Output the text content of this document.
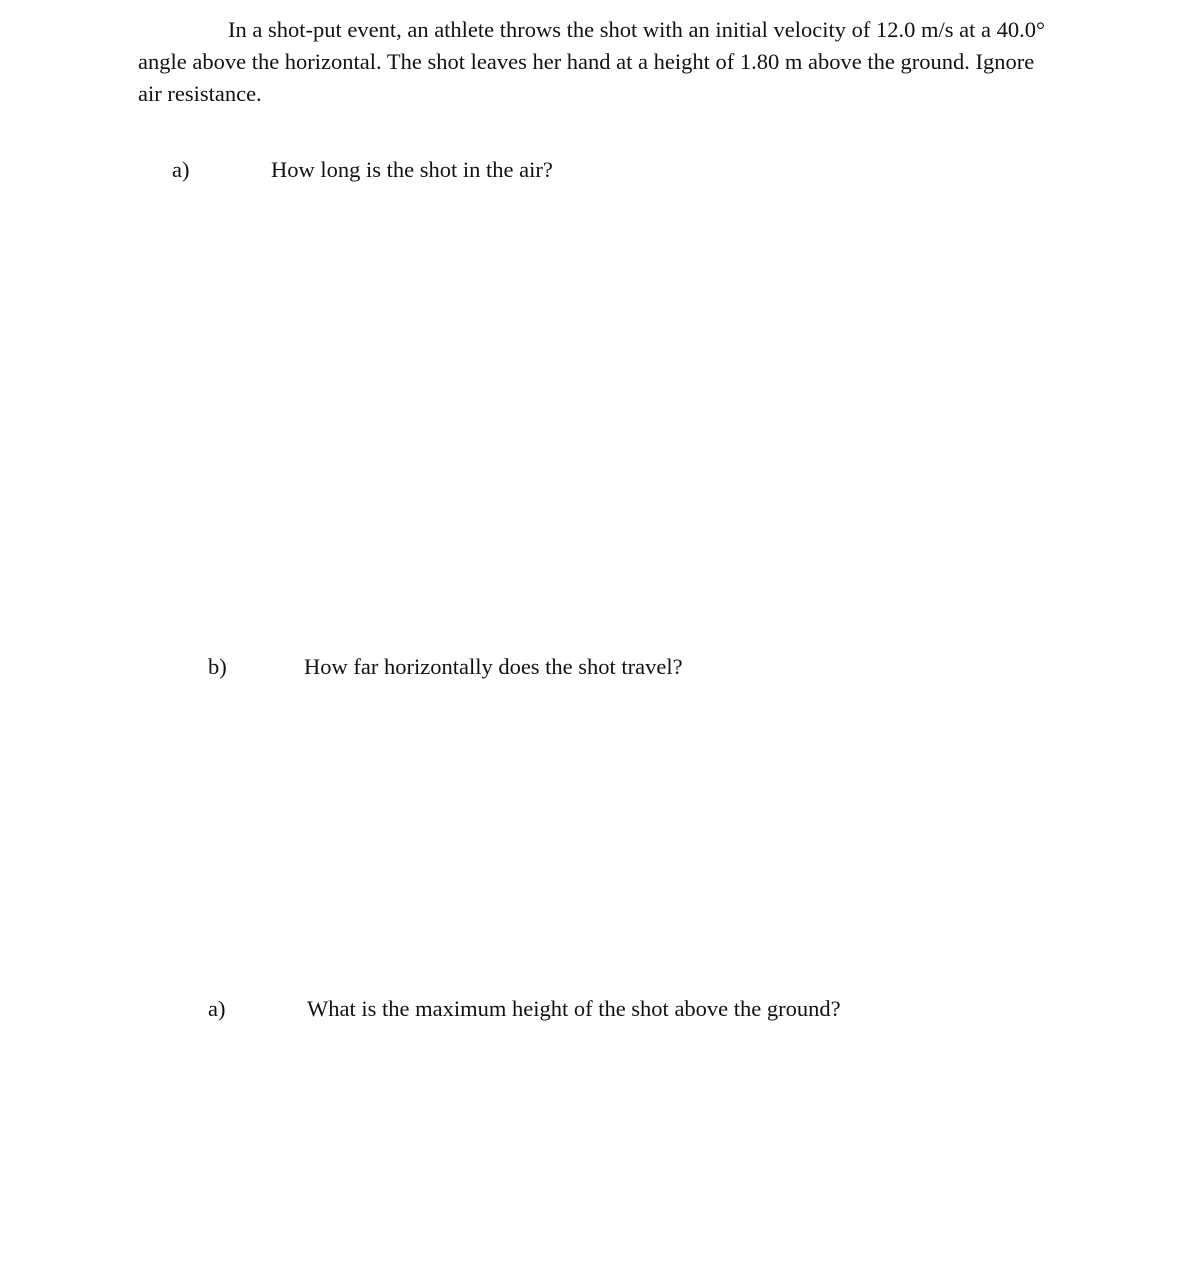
In a shot-put event, an athlete throws the shot with an initial velocity of 12.0 m/s at a 40.0° angle above the horizontal. The shot leaves her hand at a height of 1.80 m above the ground. Ignore air resistance.

a)	How long is the shot in the air?
b)	How far horizontally does the shot travel?
a)	What is the maximum height of the shot above the ground?
